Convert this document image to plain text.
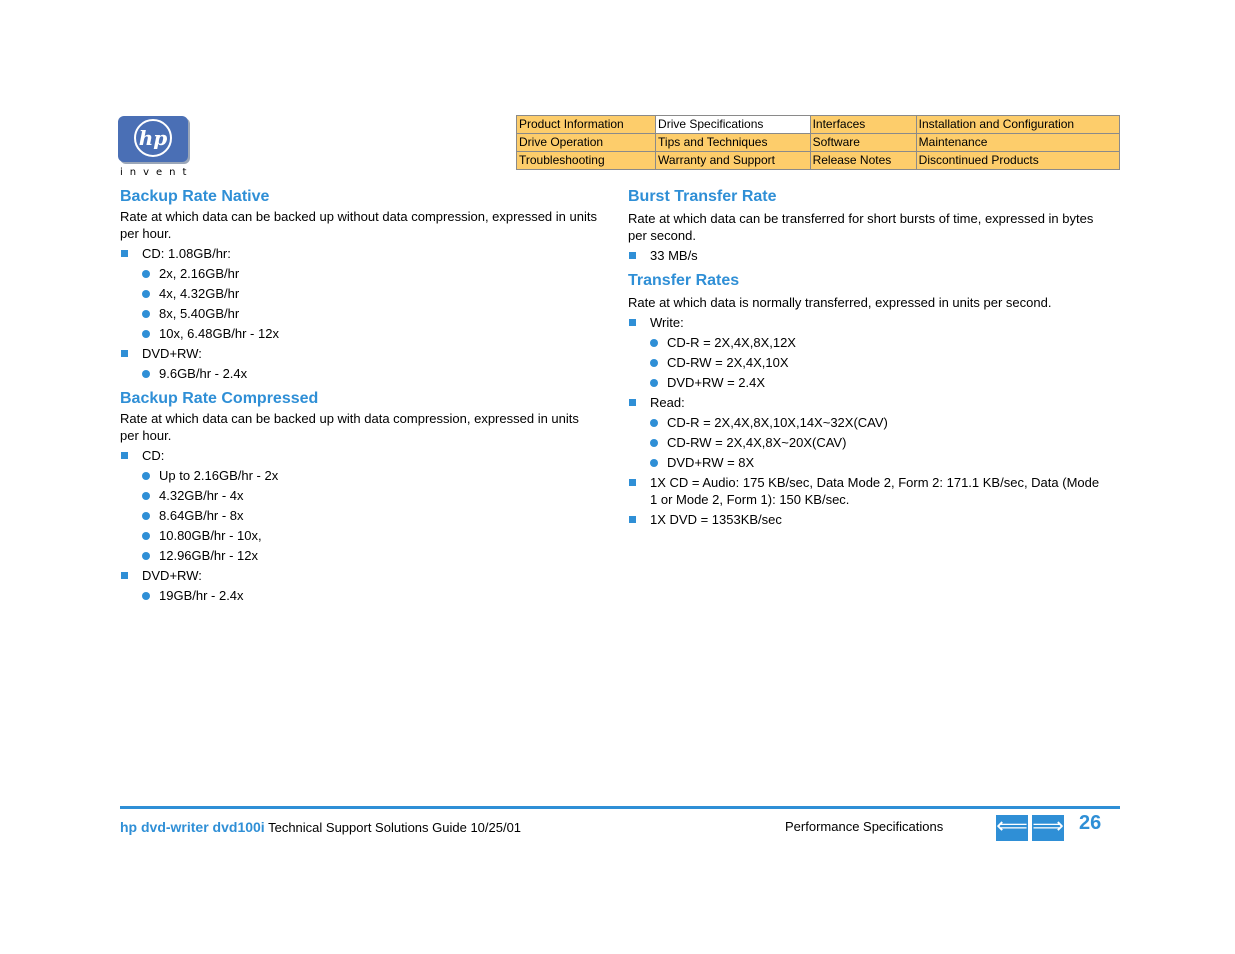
hp
invent
Product Information	Drive Specifications	Interfaces	Installation and Configuration
Drive Operation	Tips and Techniques	Software	Maintenance
Troubleshooting	Warranty and Support	Release Notes	Discontinued Products
Backup Rate Native

Rate at which data can be backed up without data compression, expressed in units per hour.

CD: 1.08GB/hr:
2x, 2.16GB/hr
4x, 4.32GB/hr
8x, 5.40GB/hr
10x, 6.48GB/hr - 12x
DVD+RW:
9.6GB/hr - 2.4x
Backup Rate Compressed

Rate at which data can be backed up with data compression, expressed in units per hour.

CD:
Up to 2.16GB/hr - 2x
4.32GB/hr - 4x
8.64GB/hr - 8x
10.80GB/hr - 10x,
12.96GB/hr - 12x
DVD+RW:
19GB/hr - 2.4x
Burst Transfer Rate

Rate at which data can be transferred for short bursts of time, expressed in bytes per second.

33 MB/s
Transfer Rates

Rate at which data is normally transferred, expressed in units per second.

Write:
CD-R = 2X,4X,8X,12X
CD-RW = 2X,4X,10X
DVD+RW = 2.4X
Read:
CD-R = 2X,4X,8X,10X,14X~32X(CAV)
CD-RW = 2X,4X,8X~20X(CAV)
DVD+RW = 8X
1X CD = Audio: 175 KB/sec, Data Mode 2, Form 2: 171.1 KB/sec, Data (Mode 1 or Mode 2, Form 1): 150 KB/sec.
1X DVD = 1353KB/sec
hp dvd-writer dvd100i Technical Support Solutions Guide 10/25/01	Performance Specifications ⟸ ⟹ 26
